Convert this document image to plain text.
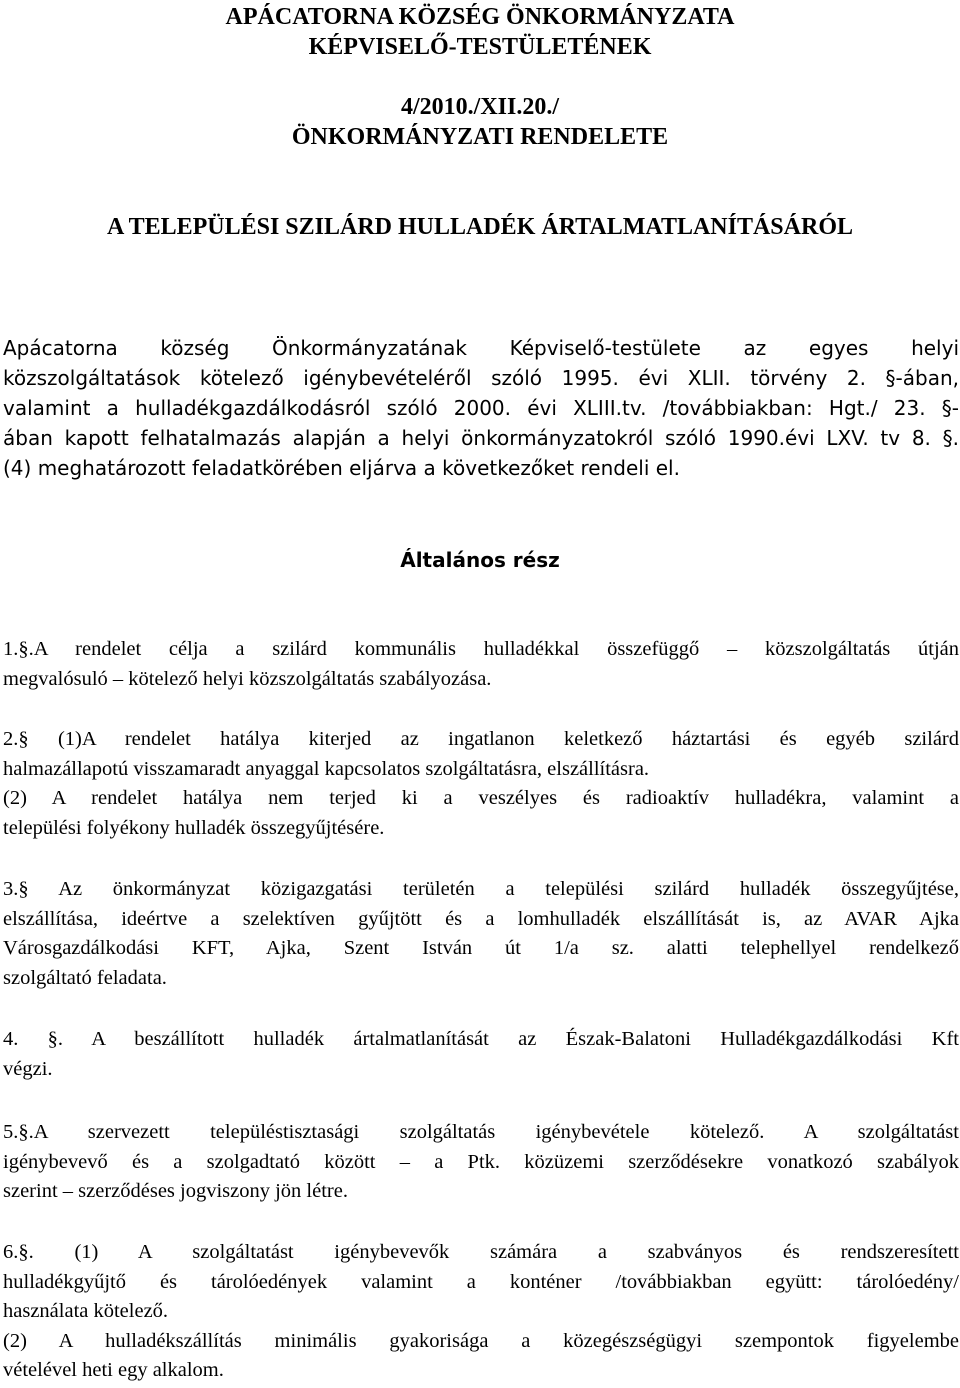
APÁCATORNA KÖZSÉG ÖNKORMÁNYZATA
KÉPVISELŐ-TESTÜLETÉNEK
4/2010./XII.20./
ÖNKORMÁNYZATI RENDELETE
A TELEPÜLÉSI SZILÁRD HULLADÉK ÁRTALMATLANÍTÁSÁRÓL
Apácatorna község Önkormányzatának Képviselő-testülete az egyes helyi
közszolgáltatások kötelező igénybevételéről szóló 1995. évi XLII. törvény 2. §-ában,
valamint a hulladékgazdálkodásról szóló 2000. évi XLIII.tv. /továbbiakban: Hgt./ 23. §-
ában kapott felhatalmazás alapján a helyi önkormányzatokról szóló 1990.évi LXV. tv 8. §.
(4) meghatározott feladatkörében eljárva a következőket rendeli el.
Általános rész
1.§.A rendelet célja a szilárd kommunális hulladékkal összefüggő – közszolgáltatás útján
megvalósuló – kötelező helyi közszolgáltatás szabályozása.
2.§ (1)A rendelet hatálya kiterjed az ingatlanon keletkező háztartási és egyéb szilárd
halmazállapotú visszamaradt anyaggal kapcsolatos szolgáltatásra, elszállításra.
(2) A rendelet hatálya nem terjed ki a veszélyes és radioaktív hulladékra, valamint a
települési folyékony hulladék összegyűjtésére.
3.§ Az önkormányzat közigazgatási területén a települési szilárd hulladék összegyűjtése,
elszállítása, ideértve a szelektíven gyűjtött és a lomhulladék elszállítását is, az AVAR Ajka
Városgazdálkodási KFT, Ajka, Szent István út 1/a sz. alatti telephellyel rendelkező
szolgáltató feladata.
4. §. A beszállított hulladék ártalmatlanítását az Észak-Balatoni Hulladékgazdálkodási Kft
végzi.
5.§.A szervezett településtisztasági szolgáltatás igénybevétele kötelező. A szolgáltatást
igénybevevő és a szolgadtató között – a Ptk. közüzemi szerződésekre vonatkozó szabályok
szerint – szerződéses jogviszony jön létre.
6.§. (1) A szolgáltatást igénybevevők számára a szabványos és rendszeresített
hulladékgyűjtő és tárolóedények valamint a konténer /továbbiakban együtt: tárolóedény/
használata kötelező.
(2) A hulladékszállítás minimális gyakorisága a közegészségügyi szempontok figyelembe
vételével heti egy alkalom.
